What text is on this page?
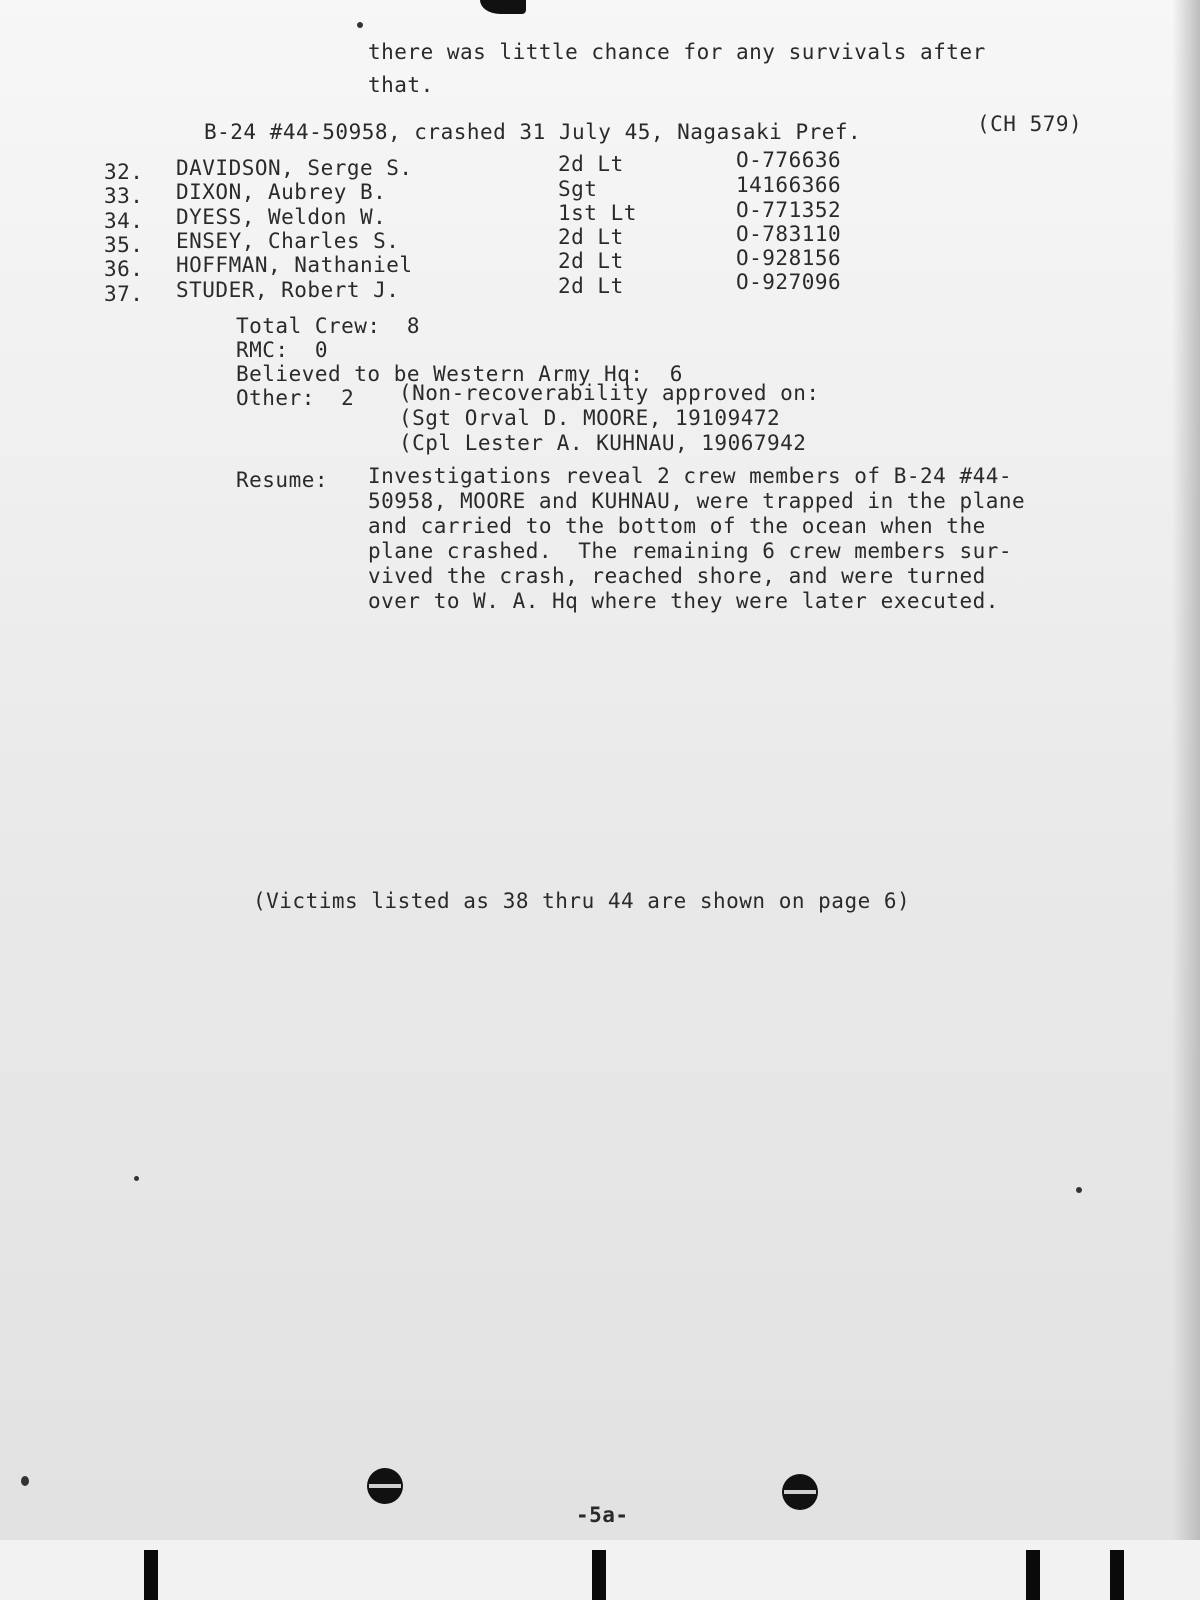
there was little chance for any survivals after
that.
B-24 #44-50958, crashed 31 July 45, Nagasaki Pref.	(CH 579)
32. DAVIDSON, Serge S.	2d Lt	O-776636
33. DIXON, Aubrey B.	Sgt	14166366
34. DYESS, Weldon W.	1st Lt	O-771352
35. ENSEY, Charles S.	2d Lt	O-783110
36. HOFFMAN, Nathaniel	2d Lt	O-928156
37. STUDER, Robert J.	2d Lt	O-927096
Total Crew:  8
RMC:  0
Believed to be Western Army Hq:  6
Other:  2 (Non-recoverability approved on:
(Sgt Orval D. MOORE, 19109472
(Cpl Lester A. KUHNAU, 19067942
Resume: Investigations reveal 2 crew members of B-24 #44-
50958, MOORE and KUHNAU, were trapped in the plane
and carried to the bottom of the ocean when the
plane crashed.  The remaining 6 crew members sur-
vived the crash, reached shore, and were turned
over to W. A. Hq where they were later executed.
(Victims listed as 38 thru 44 are shown on page 6)
-5a-
